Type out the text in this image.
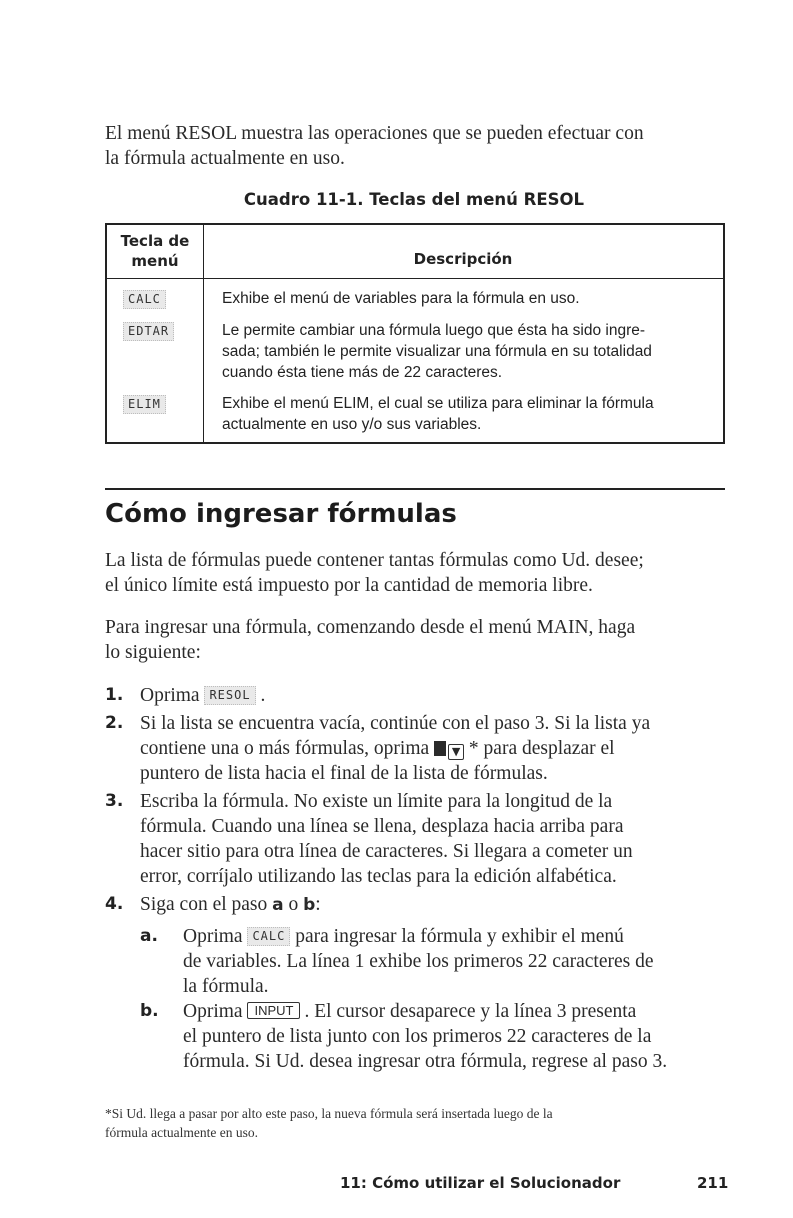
El menú RESOL muestra las operaciones que se pueden efectuar con
la fórmula actualmente en uso.
Cuadro 11-1. Teclas del menú RESOL
Tecla de
menú	Descripción
CALC	Exhibe el menú de variables para la fórmula en uso.
EDTAR	Le permite cambiar una fórmula luego que ésta ha sido ingre-
sada; también le permite visualizar una fórmula en su totalidad
cuando ésta tiene más de 22 caracteres.
ELIM	Exhibe el menú ELIM, el cual se utiliza para eliminar la fórmula
actualmente en uso y/o sus variables.
Cómo ingresar fórmulas
La lista de fórmulas puede contener tantas fórmulas como Ud. desee;
el único límite está impuesto por la cantidad de memoria libre.
Para ingresar una fórmula, comenzando desde el menú MAIN, haga
lo siguiente:
1. Oprima RESOL .
2. Si la lista se encuentra vacía, continúe con el paso 3. Si la lista ya
contiene una o más fórmulas, oprima ▼ * para desplazar el
puntero de lista hacia el final de la lista de fórmulas.
3. Escriba la fórmula. No existe un límite para la longitud de la
fórmula. Cuando una línea se llena, desplaza hacia arriba para
hacer sitio para otra línea de caracteres. Si llegara a cometer un
error, corríjalo utilizando las teclas para la edición alfabética.
4. Siga con el paso a o b:
a. Oprima CALC para ingresar la fórmula y exhibir el menú
de variables. La línea 1 exhibe los primeros 22 caracteres de
la fórmula.
b. Oprima INPUT . El cursor desaparece y la línea 3 presenta
el puntero de lista junto con los primeros 22 caracteres de la
fórmula. Si Ud. desea ingresar otra fórmula, regrese al paso 3.
*Si Ud. llega a pasar por alto este paso, la nueva fórmula será insertada luego de la
fórmula actualmente en uso.
11: Cómo utilizar el Solucionador	211
